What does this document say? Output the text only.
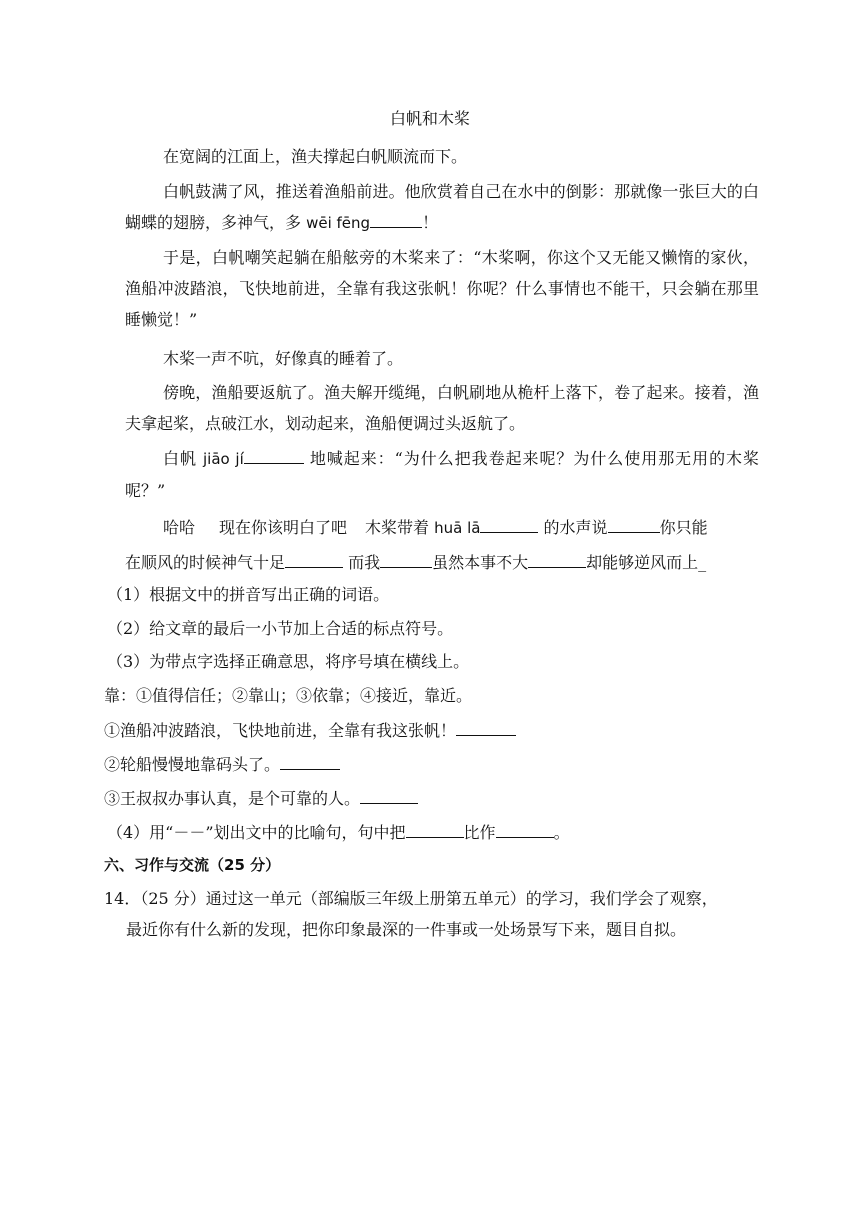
白帆和木桨
在宽阔的江面上，渔夫撑起白帆顺流而下。
白帆鼓满了风，推送着渔船前进。他欣赏着自己在水中的倒影：那就像一张巨大的白蝴蝶的翅膀，多神气，多 wēi fēng	！
于是，白帆嘲笑起躺在船舷旁的木桨来了：“木桨啊，你这个又无能又懒惰的家伙，渔船冲波踏浪，飞快地前进，全靠有我这张帆！你呢？什么事情也不能干，只会躺在那里睡懒觉！”
木桨一声不吭，好像真的睡着了。
傍晚，渔船要返航了。渔夫解开缆绳，白帆刷地从桅杆上落下，卷了起来。接着，渔夫拿起桨，点破江水，划动起来，渔船便调过头返航了。
白帆 jiāo jí	地喊起来：“为什么把我卷起来呢？为什么使用那无用的木桨呢？”
哈哈 现在你该明白了吧 木桨带着 huā lā	的水声说	你只能
在顺风的时候神气十足	而我	虽然本事不大	却能够逆风而上_
（1）根据文中的拼音写出正确的词语。
（2）给文章的最后一小节加上合适的标点符号。
（3）为带点字选择正确意思，将序号填在横线上。
靠：①值得信任；②靠山；③依靠；④接近，靠近。
①渔船冲波踏浪，飞快地前进，全靠有我这张帆！
②轮船慢慢地靠码头了。
③王叔叔办事认真，是个可靠的人。
（4）用“－－”划出文中的比喻句，句中把	比作	。
六、习作与交流（25 分）
14．（25 分）通过这一单元（部编版三年级上册第五单元）的学习，我们学会了观察，
最近你有什么新的发现，把你印象最深的一件事或一处场景写下来，题目自拟。
